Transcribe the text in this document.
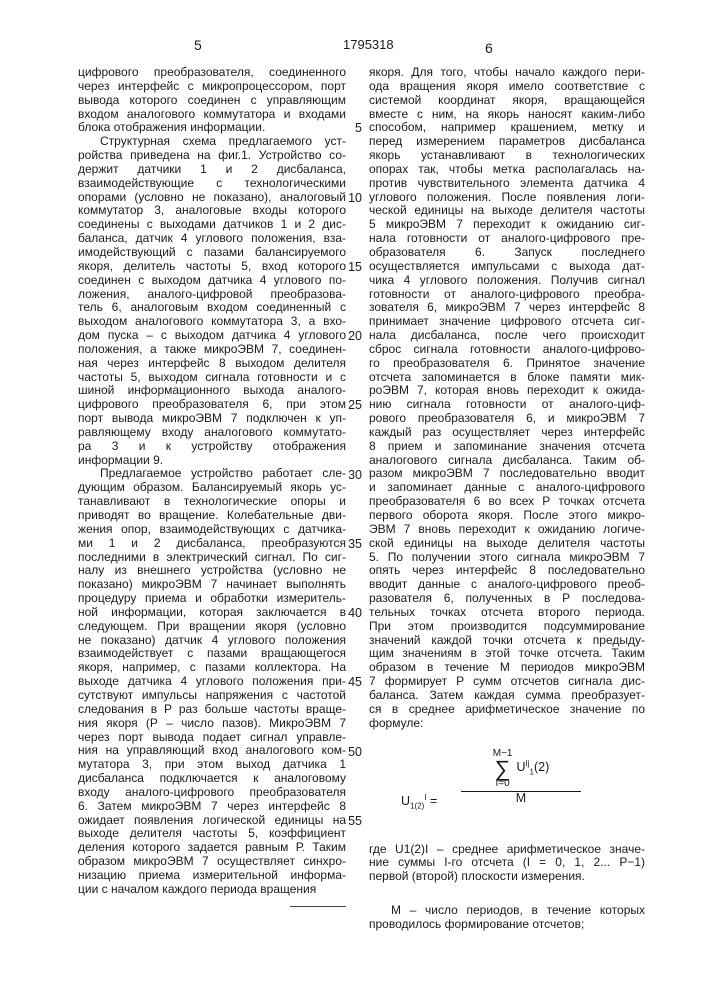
5	1795318	6
цифрового преобразователя, соединенного
через интерфейс с микропроцессором, порт
вывода которого соединен с управляющим
входом аналогового коммутатора и входами
блока отображения информации.
Структурная схема предлагаемого уст-
ройства приведена на фиг.1. Устройство со-
держит датчики 1 и 2 дисбаланса,
взаимодействующие с технологическими
опорами (условно не показано), аналоговый
коммутатор 3, аналоговые входы которого
соединены с выходами датчиков 1 и 2 дис-
баланса, датчик 4 углового положения, вза-
имодействующий с пазами балансируемого
якоря, делитель частоты 5, вход которого
соединен с выходом датчика 4 углового по-
ложения, аналого-цифровой преобразова-
тель 6, аналоговым входом соединенный с
выходом аналогового коммутатора 3, а вхо-
дом пуска – с выходом датчика 4 углового
положения, а также микроЭВМ 7, соединен-
ная через интерфейс 8 выходом делителя
частоты 5, выходом сигнала готовности и с
шиной информационного выхода аналого-
цифрового преобразователя 6, при этом
порт вывода микроЭВМ 7 подключен к уп-
равляющему входу аналогового коммутато-
ра 3 и к устройству отображения
информации 9.
Предлагаемое устройство работает сле-
дующим образом. Балансируемый якорь ус-
танавливают в технологические опоры и
приводят во вращение. Колебательные дви-
жения опор, взаимодействующих с датчика-
ми 1 и 2 дисбаланса, преобразуются
последними в электрический сигнал. По сиг-
налу из внешнего устройства (условно не
показано) микроЭВМ 7 начинает выполнять
процедуру приема и обработки измеритель-
ной информации, которая заключается в
следующем. При вращении якоря (условно
не показано) датчик 4 углового положения
взаимодействует с пазами вращающегося
якоря, например, с пазами коллектора. На
выходе датчика 4 углового положения при-
сутствуют импульсы напряжения с частотой
следования в Р раз больше частоты враще-
ния якоря (Р – число пазов). МикроЭВМ 7
через порт вывода подает сигнал управле-
ния на управляющий вход аналогового ком-
мутатора 3, при этом выход датчика 1
дисбаланса подключается к аналоговому
входу аналого-цифрового преобразователя
6. Затем микроЭВМ 7 через интерфейс 8
ожидает появления логической единицы на
выходе делителя частоты 5, коэффициент
деления которого задается равным Р. Таким
образом микроЭВМ 7 осуществляет синхро-
низацию приема измерительной информа-
ции с началом каждого периода вращения
5
10
15
20
25
30
35
40
45
50
55
якоря. Для того, чтобы начало каждого пери-
ода вращения якоря имело соответствие с
системой координат якоря, вращающейся
вместе с ним, на якорь наносят каким-либо
способом, например крашением, метку и
перед измерением параметров дисбаланса
якорь устанавливают в технологических
опорах так, чтобы метка располагалась на-
против чувствительного элемента датчика 4
углового положения. После появления логи-
ческой единицы на выходе делителя частоты
5 микроЭВМ 7 переходит к ожиданию сиг-
нала готовности от аналого-цифрового пре-
образователя 6. Запуск последнего
осуществляется импульсами с выхода дат-
чика 4 углового положения. Получив сигнал
готовности от аналого-цифрового преобра-
зователя 6, микроЭВМ 7 через интерфейс 8
принимает значение цифрового отсчета сиг-
нала дисбаланса, после чего происходит
сброс сигнала готовности аналого-цифрово-
го преобразователя 6. Принятое значение
отсчета запоминается в блоке памяти мик-
роЭВМ 7, которая вновь переходит к ожида-
нию сигнала готовности от аналого-циф-
рового преобразователя 6, и микроЭВМ 7
каждый раз осуществляет через интерфейс
8 прием и запоминание значения отсчета
аналогового сигнала дисбаланса. Таким об-
разом микроЭВМ 7 последовательно вводит
и запоминает данные с аналого-цифрового
преобразователя 6 во всех Р точках отсчета
первого оборота якоря. После этого микро-
ЭВМ 7 вновь переходит к ожиданию логиче-
ской единицы на выходе делителя частоты
5. По получении этого сигнала микроЭВМ 7
опять через интерфейс 8 последовательно
вводит данные с аналого-цифрового преоб-
разователя 6, полученных в Р последова-
тельных точках отсчета второго периода.
При этом производится подсуммирование
значений каждой точки отсчета к предыду-
щим значениям в этой точке отсчета. Таким
образом в течение М периодов микроЭВМ
7 формирует Р сумм отсчетов сигнала дис-
баланса. Затем каждая сумма преобразует-
ся в среднее арифметическое значение по
формуле:
U1(2)I =
M−1
∑
I=0
UIj1(2)
M
где U1(2)I – среднее арифметическое значе-
ние суммы I-го отсчета (I = 0, 1, 2... P−1)
первой (второй) плоскости измерения.
М – число периодов, в течение которых
проводилось формирование отсчетов;
